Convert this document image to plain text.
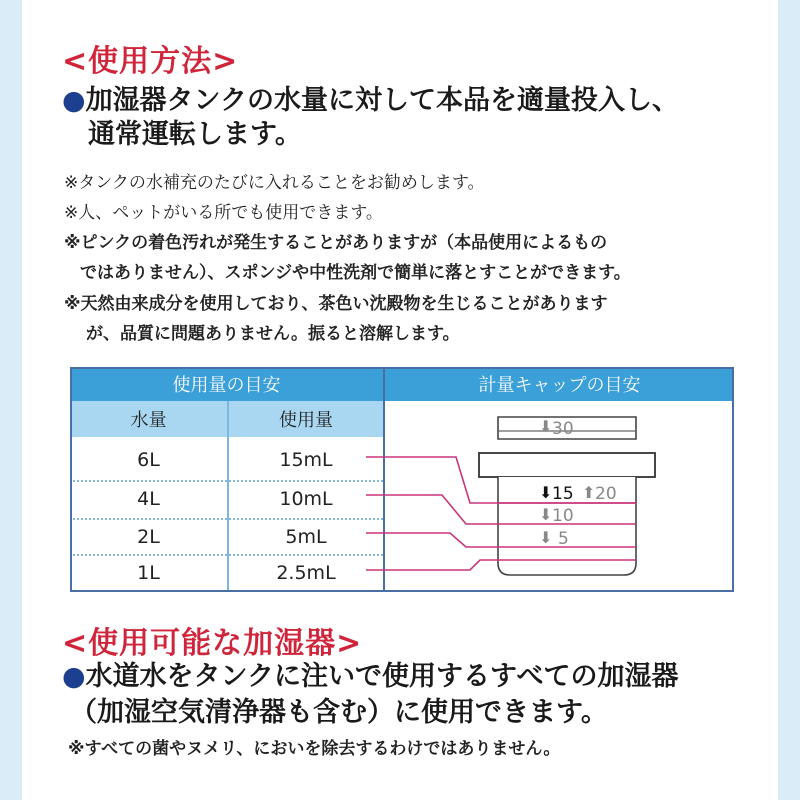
<使用方法>

●加湿器タンクの水量に対して本品を適量投入し、

通常運転します。

※タンクの水補充のたびに入れることをお勧めします。

※人、ペットがいる所でも使用できます。

※ピンクの着色汚れが発生することがありますが（本品使用によるもの

ではありません）、スポンジや中性洗剤で簡単に落とすことができます。

※天然由来成分を使用しており、茶色い沈殿物を生じることがあります

が、品質に問題ありません。振ると溶解します。

使用量の目安	計量キャップの目安
水量	使用量
6L	15mL
4L	10mL
2L	5mL
1L	2.5mL
⬇ 30
⬇ 15 ⬆ 20
⬇ 10
⬇ 5
<使用可能な加湿器>

●水道水をタンクに注いで使用するすべての加湿器

（加湿空気清浄器も含む）に使用できます。

※すべての菌やヌメリ、においを除去するわけではありません。
